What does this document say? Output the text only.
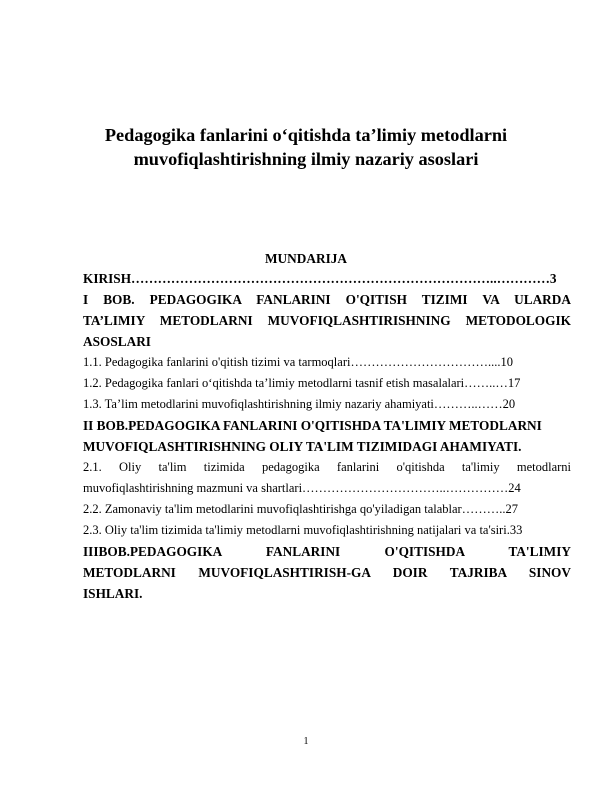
Pedagogika fanlarini o‘qitishda ta’limiy metodlarni
muvofiqlashtirishning ilmiy nazariy asoslari
MUNDARIJA
KIRISH………………………………………………………………………..…………3
I BOB. PEDAGOGIKA FANLARINI O'QITISH TIZIMI VA ULARDA
TA’LIMIY METODLARNI MUVOFIQLASHTIRISHNING METODOLOGIK
ASOSLARI
1.1. Pedagogika fanlarini o'qitish tizimi va tarmoqlari……………………………....10
1.2. Pedagogika fanlari o‘qitishda ta’limiy metodlarni tasnif etish masalalari……..…17
1.3. Ta’lim metodlarini muvofiqlashtirishning ilmiy nazariy ahamiyati………..……20
II BOB.PEDAGOGIKA FANLARINI O'QITISHDA TA'LIMIY METODLARNI
MUVOFIQLASHTIRISHNING OLIY TA'LIM TIZIMIDAGI AHAMIYATI.
2.1. Oliy ta'lim tizimida pedagogika fanlarini o'qitishda ta'limiy metodlarni
muvofiqlashtirishning mazmuni va shartlari……………………………..……………24
2.2. Zamonaviy ta'lim metodlarini muvofiqlashtirishga qo'yiladigan talablar………..27
2.3. Oliy ta'lim tizimida ta'limiy metodlarni muvofiqlashtirishning natijalari va ta'siri.33
IIIBOB.PEDAGOGIKA FANLARINI O'QITISHDA TA'LIMIY
METODLARNI MUVOFIQLASHTIRISH-GA DOIR TAJRIBA SINOV
ISHLARI.
1
